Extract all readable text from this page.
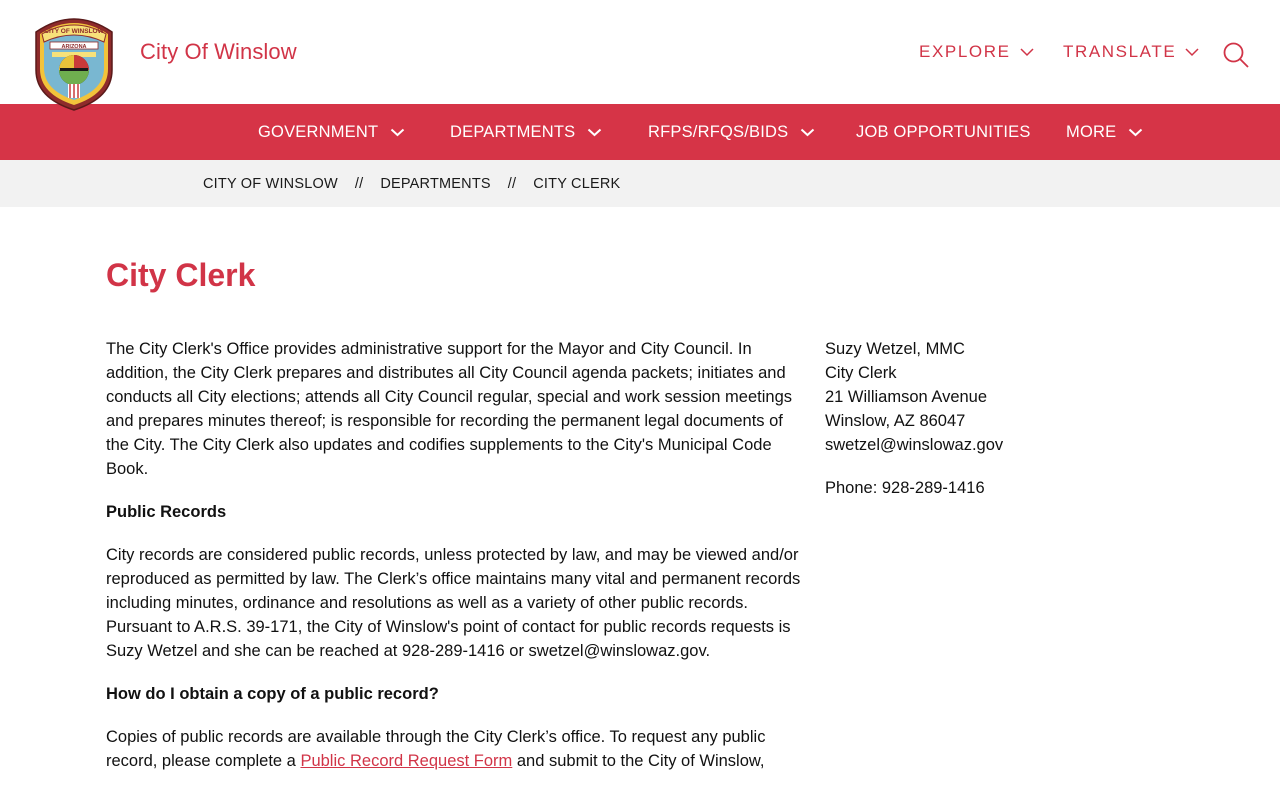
CITY OF WINSLOW
ARIZONA City Of Winslow	EXPLORE	TRANSLATE
GOVERNMENT	DEPARTMENTS	RFPS/RFQS/BIDS	JOB OPPORTUNITIES MORE
CITY OF WINSLOW // DEPARTMENTS // CITY CLERK
City Clerk

The City Clerk's Office provides administrative support for the Mayor and City Council. In addition, the City Clerk prepares and distributes all City Council agenda packets; initiates and conducts all City elections; attends all City Council regular, special and work session meetings and prepares minutes thereof; is responsible for recording the permanent legal documents of the City. The City Clerk also updates and codifies supplements to the City's Municipal Code Book.

Public Records

City records are considered public records, unless protected by law, and may be viewed and/or reproduced as permitted by law. The Clerk’s office maintains many vital and permanent records including minutes, ordinance and resolutions as well as a variety of other public records. Pursuant to A.R.S. 39-171, the City of Winslow's point of contact for public records requests is Suzy Wetzel and she can be reached at 928-289-1416 or swetzel@winslowaz.gov.

How do I obtain a copy of a public record?

Copies of public records are available through the City Clerk’s office. To request any public record, please complete a Public Record Request Form and submit to the City of Winslow,

Suzy Wetzel, MMC
City Clerk
21 Williamson Avenue
Winslow, AZ 86047
swetzel@winslowaz.gov
Phone: 928-289-1416
